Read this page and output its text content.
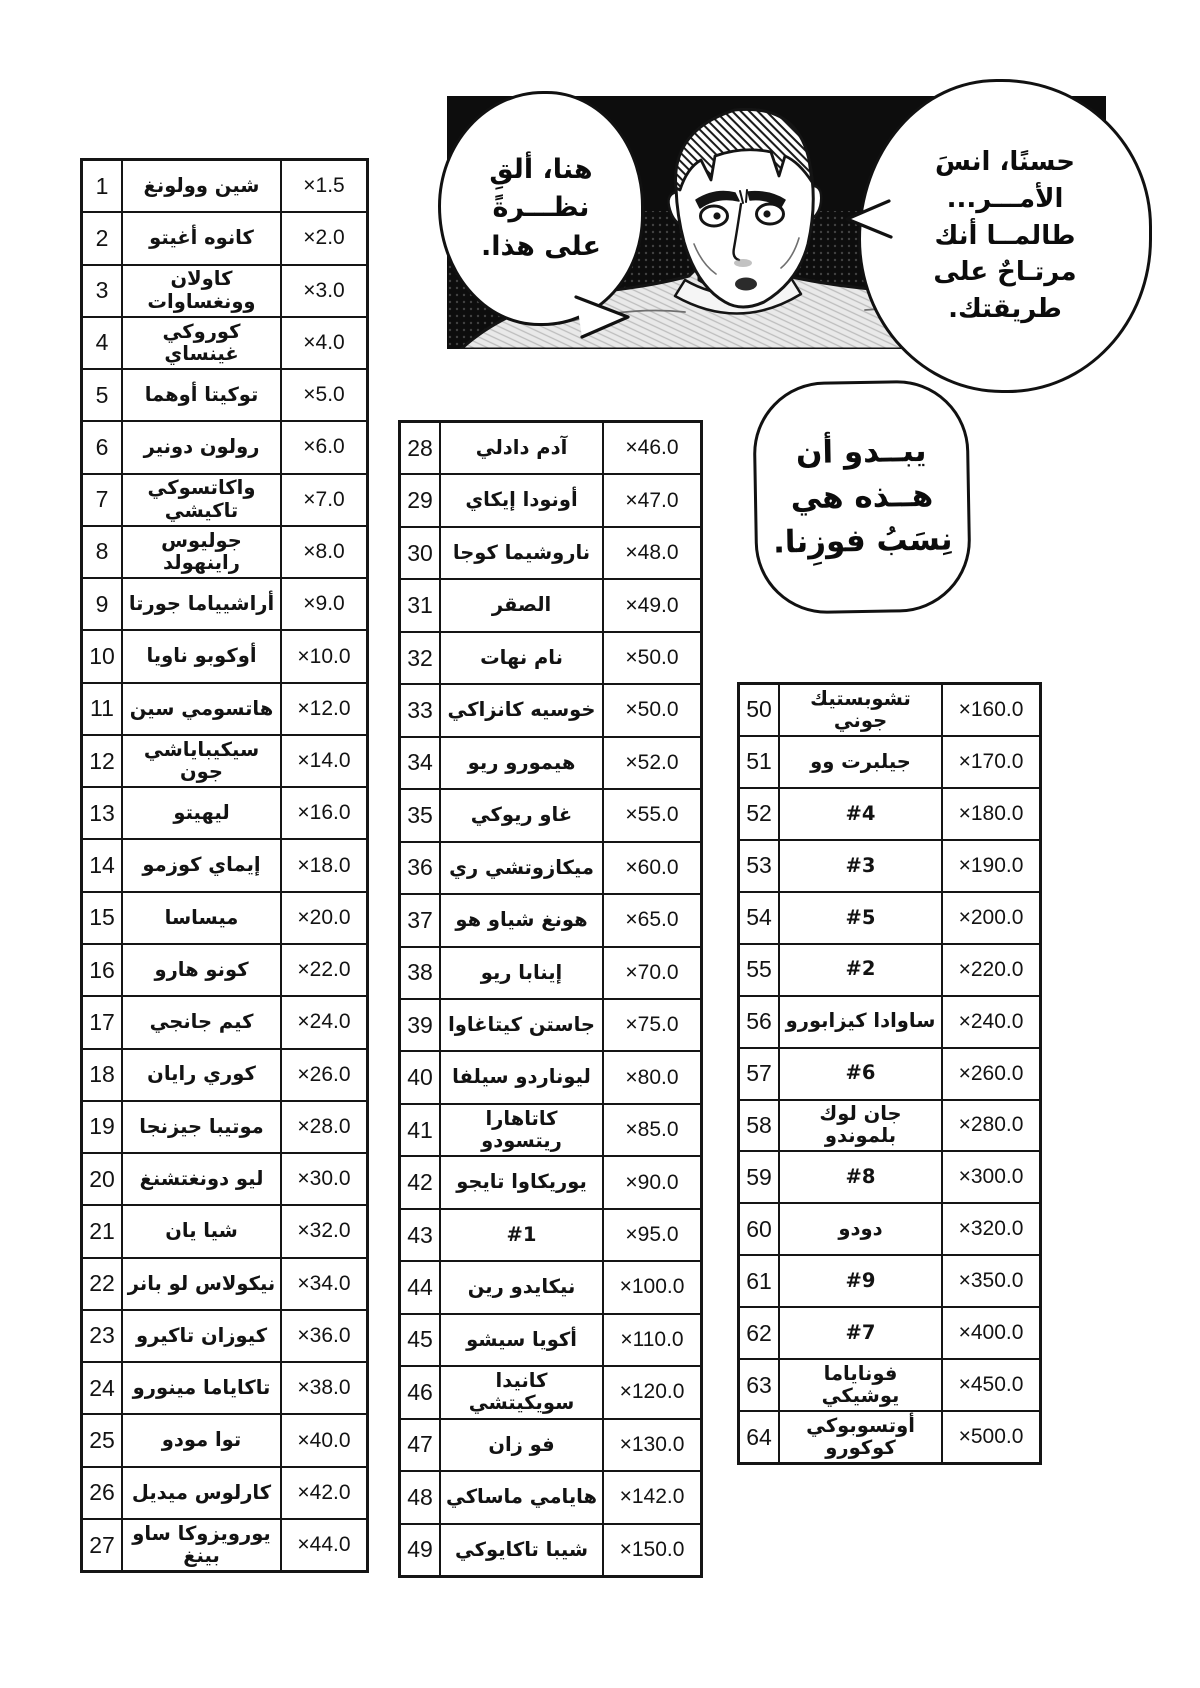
هنا، ألقِ
نظـــرةً
على هذا.
حسنًا، انسَ
الأمـــر...
طالمــا أنك
مرتـاحٌ على
طريقتك.
يبــدو أن
هــذه هي
نِسَبُ فوزِنا.
1	شين وولونغ	×1.5
2	كانوه أغيتو	×2.0
3	كاولان وونغساوات	×3.0
4	كوروكي غينساي	×4.0
5	توكيتا أوهما	×5.0
6	رولون دونير	×6.0
7	واكاتسوكي تاكيشي	×7.0
8	جوليوس راينهولد	×8.0
9	أراشيياما جورتا	×9.0
10	أوكوبو ناويا	×10.0
11 هاتسومي سين	×12.0
12	سيكيباياشي جون	×14.0
13	ليهيتو	×16.0
14	إيماي كوزمو	×18.0
15	ميساسا	×20.0
16	كونو هارو	×22.0
17	كيم جانجي	×24.0
18	كوري رايان	×26.0
19	موتيبا جيزنجا	×28.0
20	ليو دونغتشنغ	×30.0
21	شيا يان	×32.0
22 نيكولاس لو بانر	×34.0
23	كيوزان تاكيرو	×36.0
24 تاكاياما مينورو	×38.0
25	توا مودو	×40.0
26 كارلوس ميديل	×42.0
27 يورويزوكا ساو بينغ	×44.0
28	آدم دادلي	×46.0
29	أونودا إيكاي	×47.0
30	ناروشيما كوجا	×48.0
31	الصقر	×49.0
32	نام نهات	×50.0
33 خوسيه كانزاكي	×50.0
34	هيمورو ريو	×52.0
35	غاو ريوكي	×55.0
36 ميكازوتشي ري	×60.0
37	هونغ شياو هو	×65.0
38	إينابا ريو	×70.0
39 جاستن كيتاغاوا	×75.0
40 ليوناردو سيلفا	×80.0
41	كاتاهارا ريتسودو	×85.0
42	يوريكاوا تايجو	×90.0
43	#1	×95.0
44	نيكايدو رين	×100.0
45	أكويا سيشو	×110.0
46	كانيدا سويكيتشي	×120.0
47	فو زان	×130.0
48 هايامي ماساكي	×142.0
49	شيبا تاكايوكي	×150.0
50	تشوبستيك جوني	×160.0
51	جيلبرت وو	×170.0
52	#4	×180.0
53	#3	×190.0
54	#5	×200.0
55	#2	×220.0
56 ساوادا كيزابورو	×240.0
57	#6	×260.0
58	جان لوك بلموندو	×280.0
59	#8	×300.0
60	دودو	×320.0
61	#9	×350.0
62	#7	×400.0
63	فوناياما يوشيكي	×450.0
64	أوتسوبوكي كوكورو	×500.0
